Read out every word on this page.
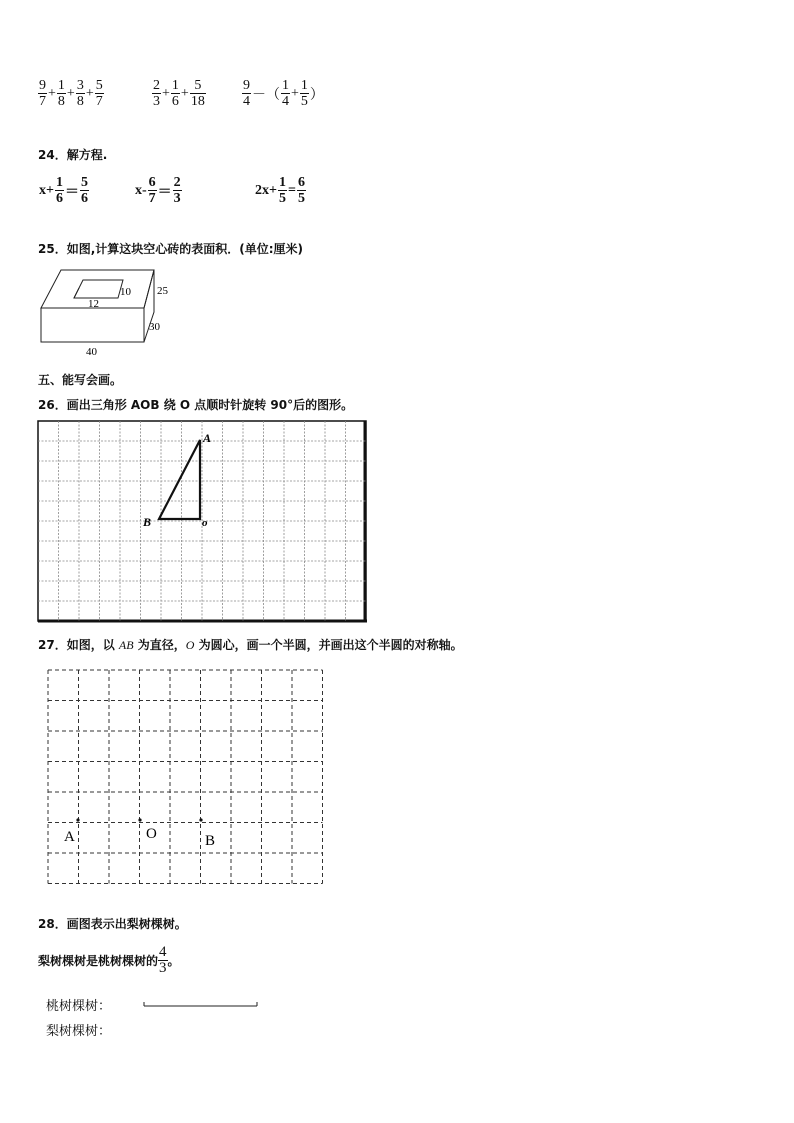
$\frac{9}{7} + \frac{1}{8} + \frac{3}{8} + \frac{5}{7}$	$\frac{2}{3} + \frac{1}{6} + \frac{5}{18}$	$\frac{9}{4}$ －（ $\frac{1}{4} + \frac{1}{5}$ ）
24．解方程.
$x+ \frac{1}{6} = \frac{5}{6}$	$x- \frac{6}{7} = \frac{2}{3}$	$2x+ \frac{1}{5} = \frac{6}{5}$
25．如图,计算这块空心砖的表面积．(单位:厘米)
12
10 25
30
40
五、能写会画。
26．画出三角形 AOB 绕 O 点顺时针旋转 90°后的图形。
A
B	o
27．如图，以 AB 为直径，O 为圆心，画一个半圆，并画出这个半圆的对称轴。
A	O	B
28．画图表示出梨树棵树。
梨树棵树是桃树棵树的 $\frac{4}{3}$ 。
桃树棵树：
梨树棵树：
